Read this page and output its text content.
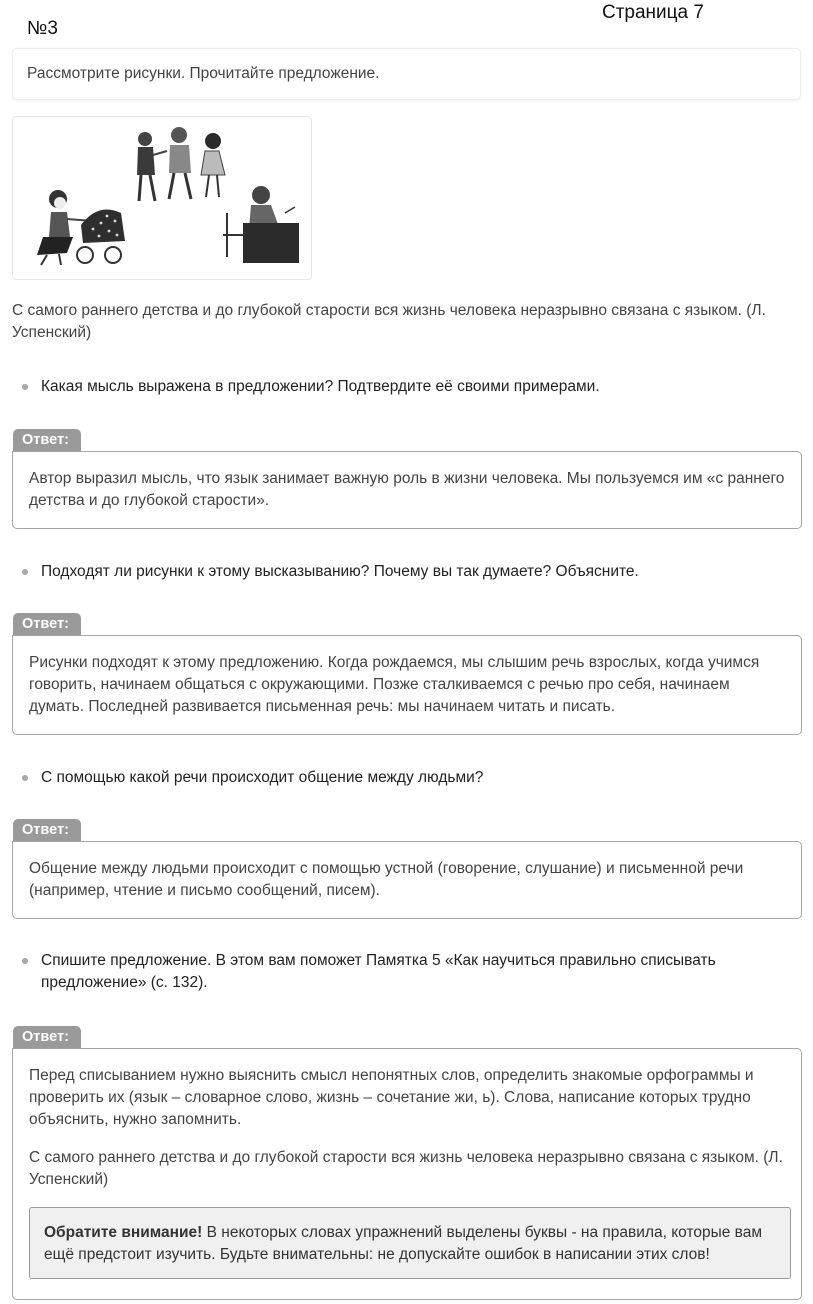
Страница 7
№3
Рассмотрите рисунки. Прочитайте предложение.
С самого раннего детства и до глубокой старости вся жизнь человека неразрывно связана с языком. (Л. Успенский)
Какая мысль выражена в предложении? Подтвердите её своими примерами.
Ответ:

Автор выразил мысль, что язык занимает важную роль в жизни человека. Мы пользуемся им «с раннего детства и до глубокой старости».

Подходят ли рисунки к этому высказыванию? Почему вы так думаете? Объясните.
Ответ:

Рисунки подходят к этому предложению. Когда рождаемся, мы слышим речь взрослых, когда учимся говорить, начинаем общаться с окружающими. Позже сталкиваемся с речью про себя, начинаем думать. Последней развивается письменная речь: мы начинаем читать и писать.

С помощью какой речи происходит общение между людьми?
Ответ:

Общение между людьми происходит с помощью устной (говорение, слушание) и письменной речи (например, чтение и письмо сообщений, писем).

Спишите предложение. В этом вам поможет Памятка 5 «Как научиться правильно списывать предложение» (с. 132).
Ответ:

Перед списыванием нужно выяснить смысл непонятных слов, определить знакомые орфограммы и проверить их (язык – словарное слово, жизнь – сочетание жи, ь). Слова, написание которых трудно объяснить, нужно запомнить.

С самого раннего детства и до глубокой старости вся жизнь человека неразрывно связана с языком. (Л. Успенский)

Обратите внимание! В некоторых словах упражнений выделены буквы - на правила, которые вам ещё предстоит изучить. Будьте внимательны: не допускайте ошибок в написании этих слов!
